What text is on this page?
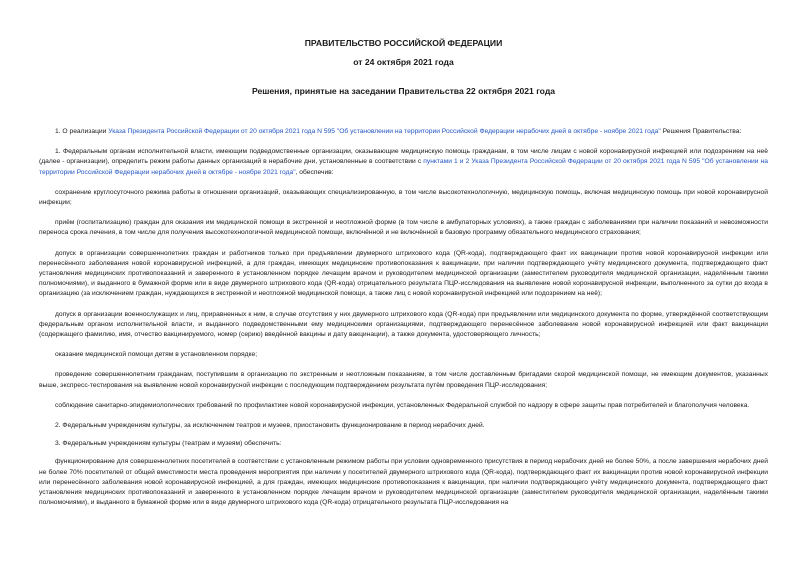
ПРАВИТЕЛЬСТВО РОССИЙСКОЙ ФЕДЕРАЦИИ
от 24 октября 2021 года
Решения, принятые на заседании Правительства 22 октября 2021 года

1. О реализации Указа Президента Российской Федерации от 20 октября 2021 года N 595 "Об установлении на территории Российской Федерации нерабочих дней в октябре - ноябре 2021 года" Решения Правительства:

1. Федеральным органам исполнительной власти, имеющим подведомственные организации, оказывающие медицинскую помощь гражданам, в том числе лицам с новой коронавирусной инфекцией или подозрением на неё (далее - организации), определить режим работы данных организаций в нерабочие дни, установленные в соответствии с пунктами 1 и 2 Указа Президента Российской Федерации от 20 октября 2021 года N 595 "Об установлении на территории Российской Федерации нерабочих дней в октябре - ноябре 2021 года", обеспечив:

сохранение круглосуточного режима работы в отношении организаций, оказывающих специализированную, в том числе высокотехнологичную, медицинскую помощь, включая медицинскую помощь при новой коронавирусной инфекции;

приём (госпитализацию) граждан для оказания им медицинской помощи в экстренной и неотложной форме (в том числе в амбулаторных условиях), а также граждан с заболеваниями при наличии показаний и невозможности переноса срока лечения, в том числе для получения высокотехнологичной медицинской помощи, включённой и не включённой в базовую программу обязательного медицинского страхования;

допуск в организации совершеннолетних граждан и работников только при предъявлении двумерного штрихового кода (QR-кода), подтверждающего факт их вакцинации против новой коронавирусной инфекции или перенесённого заболевания новой коронавирусной инфекцией, а для граждан, имеющих медицинские противопоказания к вакцинации, при наличии подтверждающего учёту медицинского документа, подтверждающего факт установления медицинских противопоказаний и заверенного в установленном порядке лечащим врачом и руководителем медицинской организации (заместителем руководителя медицинской организации, наделённым такими полномочиями), и выданного в бумажной форме или в виде двумерного штрихового кода (QR-кода) отрицательного результата ПЦР-исследования на выявление новой коронавирусной инфекции, выполненного за сутки до входа в организацию (за исключением граждан, нуждающихся в экстренной и неотложной медицинской помощи, а также лиц с новой коронавирусной инфекцией или подозрением на неё);

допуск в организации военнослужащих и лиц, приравненных к ним, в случае отсутствия у них двумерного штрихового кода (QR-кода) при предъявлении или медицинского документа по форме, утверждённой соответствующим федеральным органом исполнительной власти, и выданного подведомственными ему медицинскими организациями, подтверждающего перенесённое заболевание новой коронавирусной инфекцией или факт вакцинации (содержащего фамилию, имя, отчество вакцинируемого, номер (серию) введённой вакцины и дату вакцинации), а также документа, удостоверяющего личность;

оказание медицинской помощи детям в установленном порядке;

проведение совершеннолетним гражданам, поступившим в организацию по экстренным и неотложным показаниям, в том числе доставленным бригадами скорой медицинской помощи, не имеющим документов, указанных выше, экспресс-тестирования на выявление новой коронавирусной инфекции с последующим подтверждением результата путём проведения ПЦР-исследования;

соблюдение санитарно-эпидемиологических требований по профилактике новой коронавирусной инфекции, установленных Федеральной службой по надзору в сфере защиты прав потребителей и благополучия человека.

2. Федеральным учреждениям культуры, за исключением театров и музеев, приостановить функционирование в период нерабочих дней.

3. Федеральным учреждениям культуры (театрам и музеям) обеспечить:

функционирование для совершеннолетних посетителей в соответствии с установленным режимом работы при условии одновременного присутствия в период нерабочих дней не более 50%, а после завершения нерабочих дней не более 70% посетителей от общей вместимости места проведения мероприятия при наличии у посетителей двумерного штрихового кода (QR-кода), подтверждающего факт их вакцинации против новой коронавирусной инфекции или перенесённого заболевания новой коронавирусной инфекцией, а для граждан, имеющих медицинские противопоказания к вакцинации, при наличии подтверждающего учёту медицинского документа, подтверждающего факт установления медицинских противопоказаний и заверенного в установленном порядке лечащим врачом и руководителем медицинской организации (заместителем руководителя медицинской организации, наделённым такими полномочиями), и выданного в бумажной форме или в виде двумерного штрихового кода (QR-кода) отрицательного результата ПЦР-исследования на
